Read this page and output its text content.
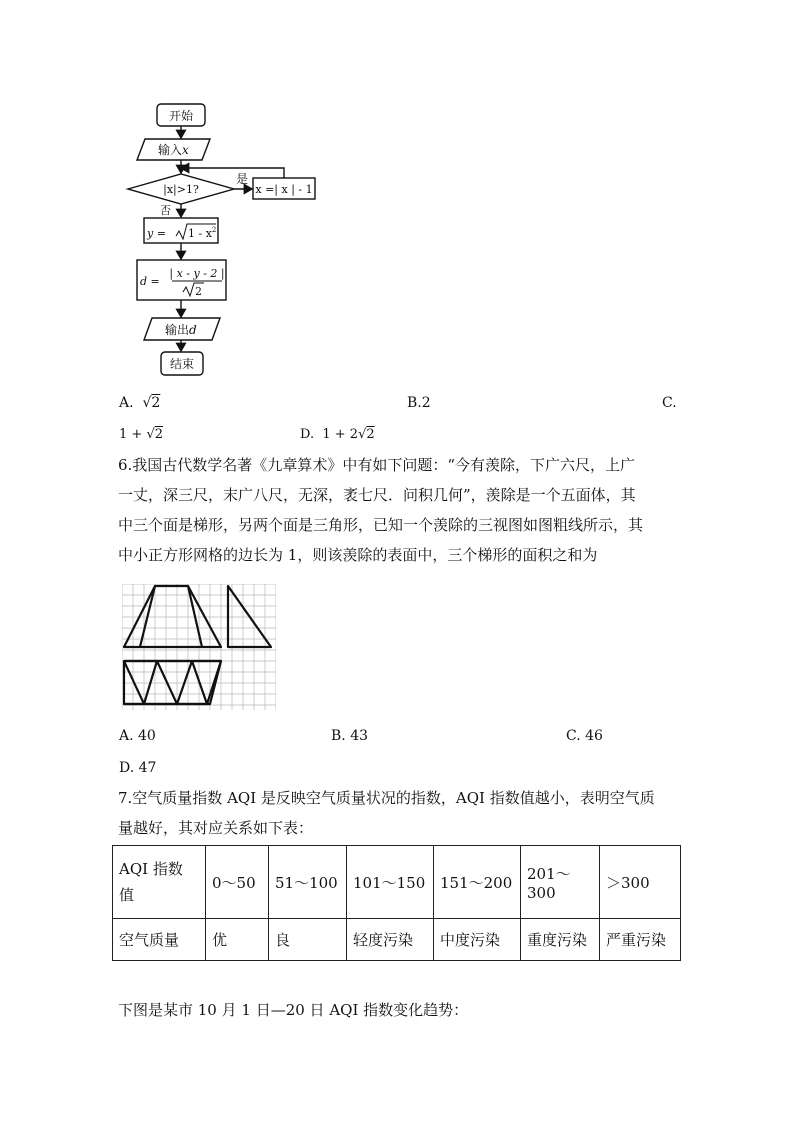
开始
输入x
|x|>1?
是
否
x =| x | - 1
$y = 1 - x^2$
d =
| x - y - 2 |
2
输出d
结束
A.  √2	B.2	C.
1 + √2	D. 1 + 2√2
6.我国古代数学名著《九章算术》中有如下问题：“今有羡除，下广六尺，上广
一丈，深三尺，末广八尺，无深，袤七尺．问积几何”，羡除是一个五面体，其
中三个面是梯形，另两个面是三角形，已知一个羡除的三视图如图粗线所示，其
中小正方形网格的边长为 1，则该羡除的表面中，三个梯形的面积之和为
A. 40	B. 43	C. 46
D. 47
7.空气质量指数 AQI 是反映空气质量状况的指数，AQI 指数值越小，表明空气质
量越好，其对应关系如下表：
AQI 指数
值	0～50	51～100	101～150	151～200	201～300	＞300
空气质量	优	良	轻度污染	中度污染	重度污染	严重污染
下图是某市 10 月 1 日—20 日 AQI 指数变化趋势：
